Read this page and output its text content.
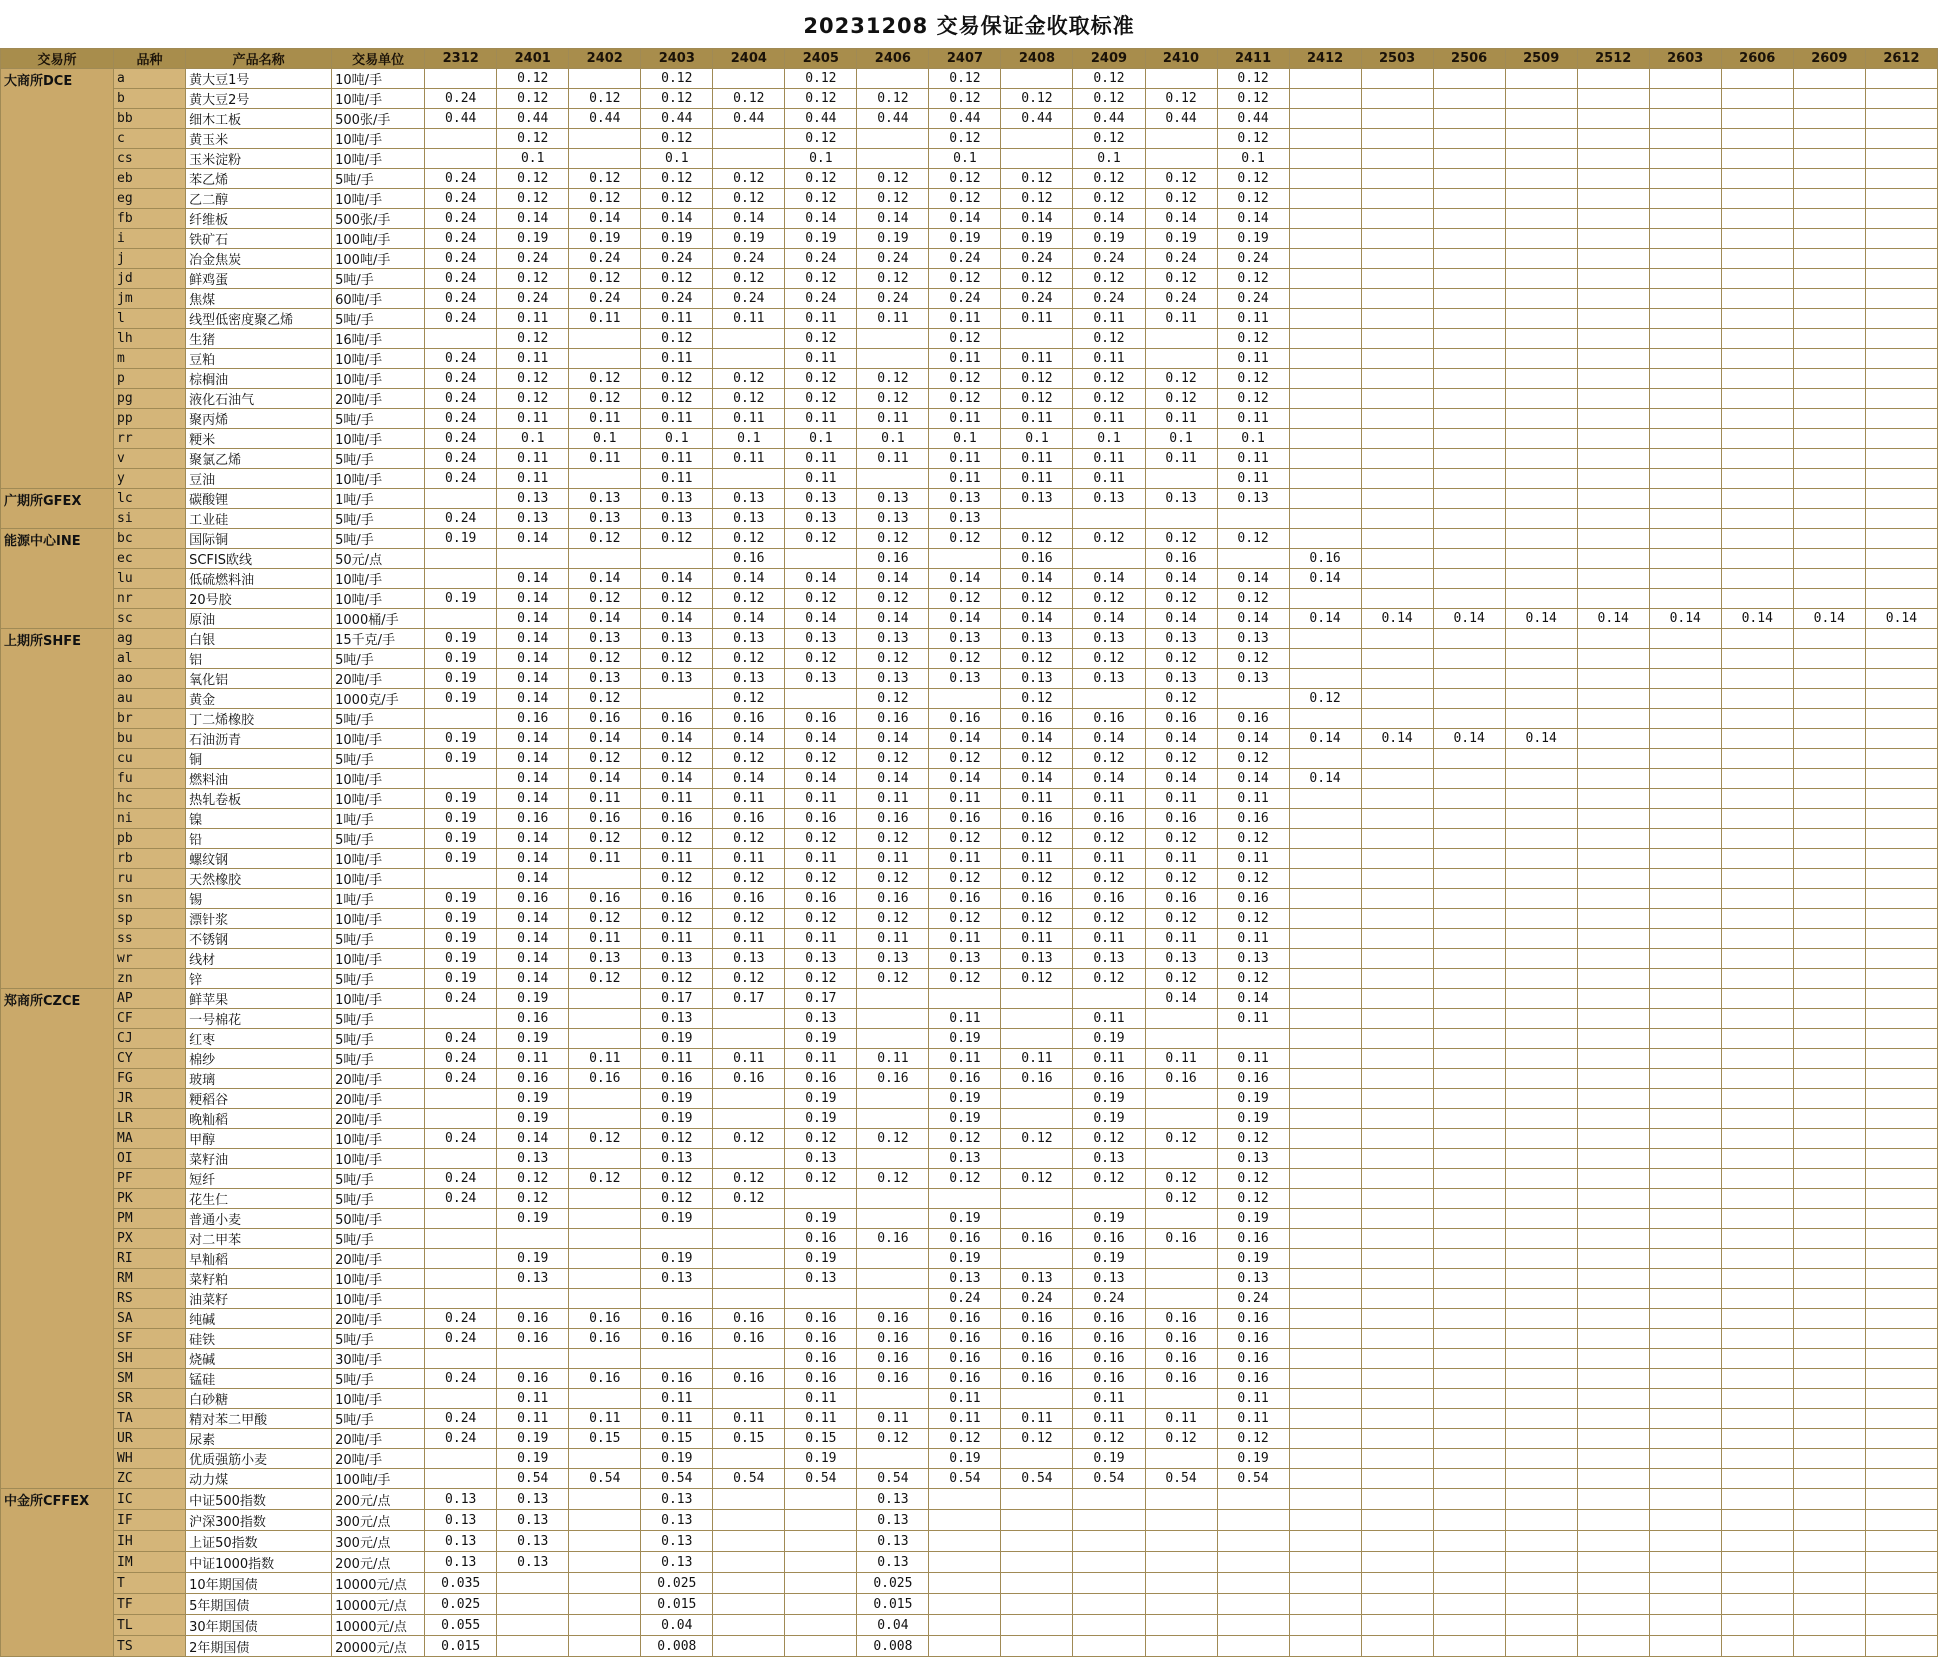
20231208 交易保证金收取标准
交易所	品种	产品名称	交易单位	2312	2401	2402	2403	2404	2405	2406	2407	2408	2409	2410	2411	2412	2503	2506	2509	2512	2603	2606	2609	2612
大商所DCE	a	黄大豆1号	10吨/手		0.12		0.12		0.12		0.12		0.12		0.12									
	b	黄大豆2号	10吨/手	0.24	0.12	0.12	0.12	0.12	0.12	0.12	0.12	0.12	0.12	0.12	0.12									
	bb	细木工板	500张/手	0.44	0.44	0.44	0.44	0.44	0.44	0.44	0.44	0.44	0.44	0.44	0.44									
	c	黄玉米	10吨/手		0.12		0.12		0.12		0.12		0.12		0.12									
	cs	玉米淀粉	10吨/手		0.1		0.1		0.1		0.1		0.1		0.1									
	eb	苯乙烯	5吨/手	0.24	0.12	0.12	0.12	0.12	0.12	0.12	0.12	0.12	0.12	0.12	0.12									
	eg	乙二醇	10吨/手	0.24	0.12	0.12	0.12	0.12	0.12	0.12	0.12	0.12	0.12	0.12	0.12									
	fb	纤维板	500张/手	0.24	0.14	0.14	0.14	0.14	0.14	0.14	0.14	0.14	0.14	0.14	0.14									
	i	铁矿石	100吨/手	0.24	0.19	0.19	0.19	0.19	0.19	0.19	0.19	0.19	0.19	0.19	0.19									
	j	冶金焦炭	100吨/手	0.24	0.24	0.24	0.24	0.24	0.24	0.24	0.24	0.24	0.24	0.24	0.24									
	jd	鲜鸡蛋	5吨/手	0.24	0.12	0.12	0.12	0.12	0.12	0.12	0.12	0.12	0.12	0.12	0.12									
	jm	焦煤	60吨/手	0.24	0.24	0.24	0.24	0.24	0.24	0.24	0.24	0.24	0.24	0.24	0.24									
	l	线型低密度聚乙烯	5吨/手	0.24	0.11	0.11	0.11	0.11	0.11	0.11	0.11	0.11	0.11	0.11	0.11									
	lh	生猪	16吨/手		0.12		0.12		0.12		0.12		0.12		0.12									
	m	豆粕	10吨/手	0.24	0.11		0.11		0.11		0.11	0.11	0.11		0.11									
	p	棕榈油	10吨/手	0.24	0.12	0.12	0.12	0.12	0.12	0.12	0.12	0.12	0.12	0.12	0.12									
	pg	液化石油气	20吨/手	0.24	0.12	0.12	0.12	0.12	0.12	0.12	0.12	0.12	0.12	0.12	0.12									
	pp	聚丙烯	5吨/手	0.24	0.11	0.11	0.11	0.11	0.11	0.11	0.11	0.11	0.11	0.11	0.11									
	rr	粳米	10吨/手	0.24	0.1	0.1	0.1	0.1	0.1	0.1	0.1	0.1	0.1	0.1	0.1									
	v	聚氯乙烯	5吨/手	0.24	0.11	0.11	0.11	0.11	0.11	0.11	0.11	0.11	0.11	0.11	0.11									
	y	豆油	10吨/手	0.24	0.11		0.11		0.11		0.11	0.11	0.11		0.11									
广期所GFEX	lc	碳酸锂	1吨/手		0.13	0.13	0.13	0.13	0.13	0.13	0.13	0.13	0.13	0.13	0.13									
	si	工业硅	5吨/手	0.24	0.13	0.13	0.13	0.13	0.13	0.13	0.13													
能源中心INE	bc	国际铜	5吨/手	0.19	0.14	0.12	0.12	0.12	0.12	0.12	0.12	0.12	0.12	0.12	0.12									
	ec	SCFIS欧线	50元/点					0.16		0.16		0.16		0.16		0.16								
	lu	低硫燃料油	10吨/手		0.14	0.14	0.14	0.14	0.14	0.14	0.14	0.14	0.14	0.14	0.14	0.14								
	nr	20号胶	10吨/手	0.19	0.14	0.12	0.12	0.12	0.12	0.12	0.12	0.12	0.12	0.12	0.12									
	sc	原油	1000桶/手		0.14	0.14	0.14	0.14	0.14	0.14	0.14	0.14	0.14	0.14	0.14	0.14	0.14	0.14	0.14	0.14	0.14	0.14	0.14	0.14
上期所SHFE	ag	白银	15千克/手	0.19	0.14	0.13	0.13	0.13	0.13	0.13	0.13	0.13	0.13	0.13	0.13									
	al	铝	5吨/手	0.19	0.14	0.12	0.12	0.12	0.12	0.12	0.12	0.12	0.12	0.12	0.12									
	ao	氧化铝	20吨/手	0.19	0.14	0.13	0.13	0.13	0.13	0.13	0.13	0.13	0.13	0.13	0.13									
	au	黄金	1000克/手	0.19	0.14	0.12		0.12		0.12		0.12		0.12		0.12								
	br	丁二烯橡胶	5吨/手		0.16	0.16	0.16	0.16	0.16	0.16	0.16	0.16	0.16	0.16	0.16									
	bu	石油沥青	10吨/手	0.19	0.14	0.14	0.14	0.14	0.14	0.14	0.14	0.14	0.14	0.14	0.14	0.14	0.14	0.14	0.14					
	cu	铜	5吨/手	0.19	0.14	0.12	0.12	0.12	0.12	0.12	0.12	0.12	0.12	0.12	0.12									
	fu	燃料油	10吨/手		0.14	0.14	0.14	0.14	0.14	0.14	0.14	0.14	0.14	0.14	0.14	0.14								
	hc	热轧卷板	10吨/手	0.19	0.14	0.11	0.11	0.11	0.11	0.11	0.11	0.11	0.11	0.11	0.11									
	ni	镍	1吨/手	0.19	0.16	0.16	0.16	0.16	0.16	0.16	0.16	0.16	0.16	0.16	0.16									
	pb	铅	5吨/手	0.19	0.14	0.12	0.12	0.12	0.12	0.12	0.12	0.12	0.12	0.12	0.12									
	rb	螺纹钢	10吨/手	0.19	0.14	0.11	0.11	0.11	0.11	0.11	0.11	0.11	0.11	0.11	0.11									
	ru	天然橡胶	10吨/手		0.14		0.12	0.12	0.12	0.12	0.12	0.12	0.12	0.12	0.12									
	sn	锡	1吨/手	0.19	0.16	0.16	0.16	0.16	0.16	0.16	0.16	0.16	0.16	0.16	0.16									
	sp	漂针浆	10吨/手	0.19	0.14	0.12	0.12	0.12	0.12	0.12	0.12	0.12	0.12	0.12	0.12									
	ss	不锈钢	5吨/手	0.19	0.14	0.11	0.11	0.11	0.11	0.11	0.11	0.11	0.11	0.11	0.11									
	wr	线材	10吨/手	0.19	0.14	0.13	0.13	0.13	0.13	0.13	0.13	0.13	0.13	0.13	0.13									
	zn	锌	5吨/手	0.19	0.14	0.12	0.12	0.12	0.12	0.12	0.12	0.12	0.12	0.12	0.12									
郑商所CZCE	AP	鲜苹果	10吨/手	0.24	0.19		0.17	0.17	0.17					0.14	0.14									
	CF	一号棉花	5吨/手		0.16		0.13		0.13		0.11		0.11		0.11									
	CJ	红枣	5吨/手	0.24	0.19		0.19		0.19		0.19		0.19											
	CY	棉纱	5吨/手	0.24	0.11	0.11	0.11	0.11	0.11	0.11	0.11	0.11	0.11	0.11	0.11									
	FG	玻璃	20吨/手	0.24	0.16	0.16	0.16	0.16	0.16	0.16	0.16	0.16	0.16	0.16	0.16									
	JR	粳稻谷	20吨/手		0.19		0.19		0.19		0.19		0.19		0.19									
	LR	晚籼稻	20吨/手		0.19		0.19		0.19		0.19		0.19		0.19									
	MA	甲醇	10吨/手	0.24	0.14	0.12	0.12	0.12	0.12	0.12	0.12	0.12	0.12	0.12	0.12									
	OI	菜籽油	10吨/手		0.13		0.13		0.13		0.13		0.13		0.13									
	PF	短纤	5吨/手	0.24	0.12	0.12	0.12	0.12	0.12	0.12	0.12	0.12	0.12	0.12	0.12									
	PK	花生仁	5吨/手	0.24	0.12		0.12	0.12						0.12	0.12									
	PM	普通小麦	50吨/手		0.19		0.19		0.19		0.19		0.19		0.19									
	PX	对二甲苯	5吨/手						0.16	0.16	0.16	0.16	0.16	0.16	0.16									
	RI	早籼稻	20吨/手		0.19		0.19		0.19		0.19		0.19		0.19									
	RM	菜籽粕	10吨/手		0.13		0.13		0.13		0.13	0.13	0.13		0.13									
	RS	油菜籽	10吨/手								0.24	0.24	0.24		0.24									
	SA	纯碱	20吨/手	0.24	0.16	0.16	0.16	0.16	0.16	0.16	0.16	0.16	0.16	0.16	0.16									
	SF	硅铁	5吨/手	0.24	0.16	0.16	0.16	0.16	0.16	0.16	0.16	0.16	0.16	0.16	0.16									
	SH	烧碱	30吨/手						0.16	0.16	0.16	0.16	0.16	0.16	0.16									
	SM	锰硅	5吨/手	0.24	0.16	0.16	0.16	0.16	0.16	0.16	0.16	0.16	0.16	0.16	0.16									
	SR	白砂糖	10吨/手		0.11		0.11		0.11		0.11		0.11		0.11									
	TA	精对苯二甲酸	5吨/手	0.24	0.11	0.11	0.11	0.11	0.11	0.11	0.11	0.11	0.11	0.11	0.11									
	UR	尿素	20吨/手	0.24	0.19	0.15	0.15	0.15	0.15	0.12	0.12	0.12	0.12	0.12	0.12									
	WH	优质强筋小麦	20吨/手		0.19		0.19		0.19		0.19		0.19		0.19									
	ZC	动力煤	100吨/手		0.54	0.54	0.54	0.54	0.54	0.54	0.54	0.54	0.54	0.54	0.54									
中金所CFFEX	IC	中证500指数	200元/点	0.13	0.13		0.13			0.13														
	IF	沪深300指数	300元/点	0.13	0.13		0.13			0.13														
	IH	上证50指数	300元/点	0.13	0.13		0.13			0.13														
	IM	中证1000指数	200元/点	0.13	0.13		0.13			0.13														
	T	10年期国债	10000元/点	0.035			0.025			0.025														
	TF	5年期国债	10000元/点	0.025			0.015			0.015														
	TL	30年期国债	10000元/点	0.055			0.04			0.04														
	TS	2年期国债	20000元/点	0.015			0.008			0.008														
